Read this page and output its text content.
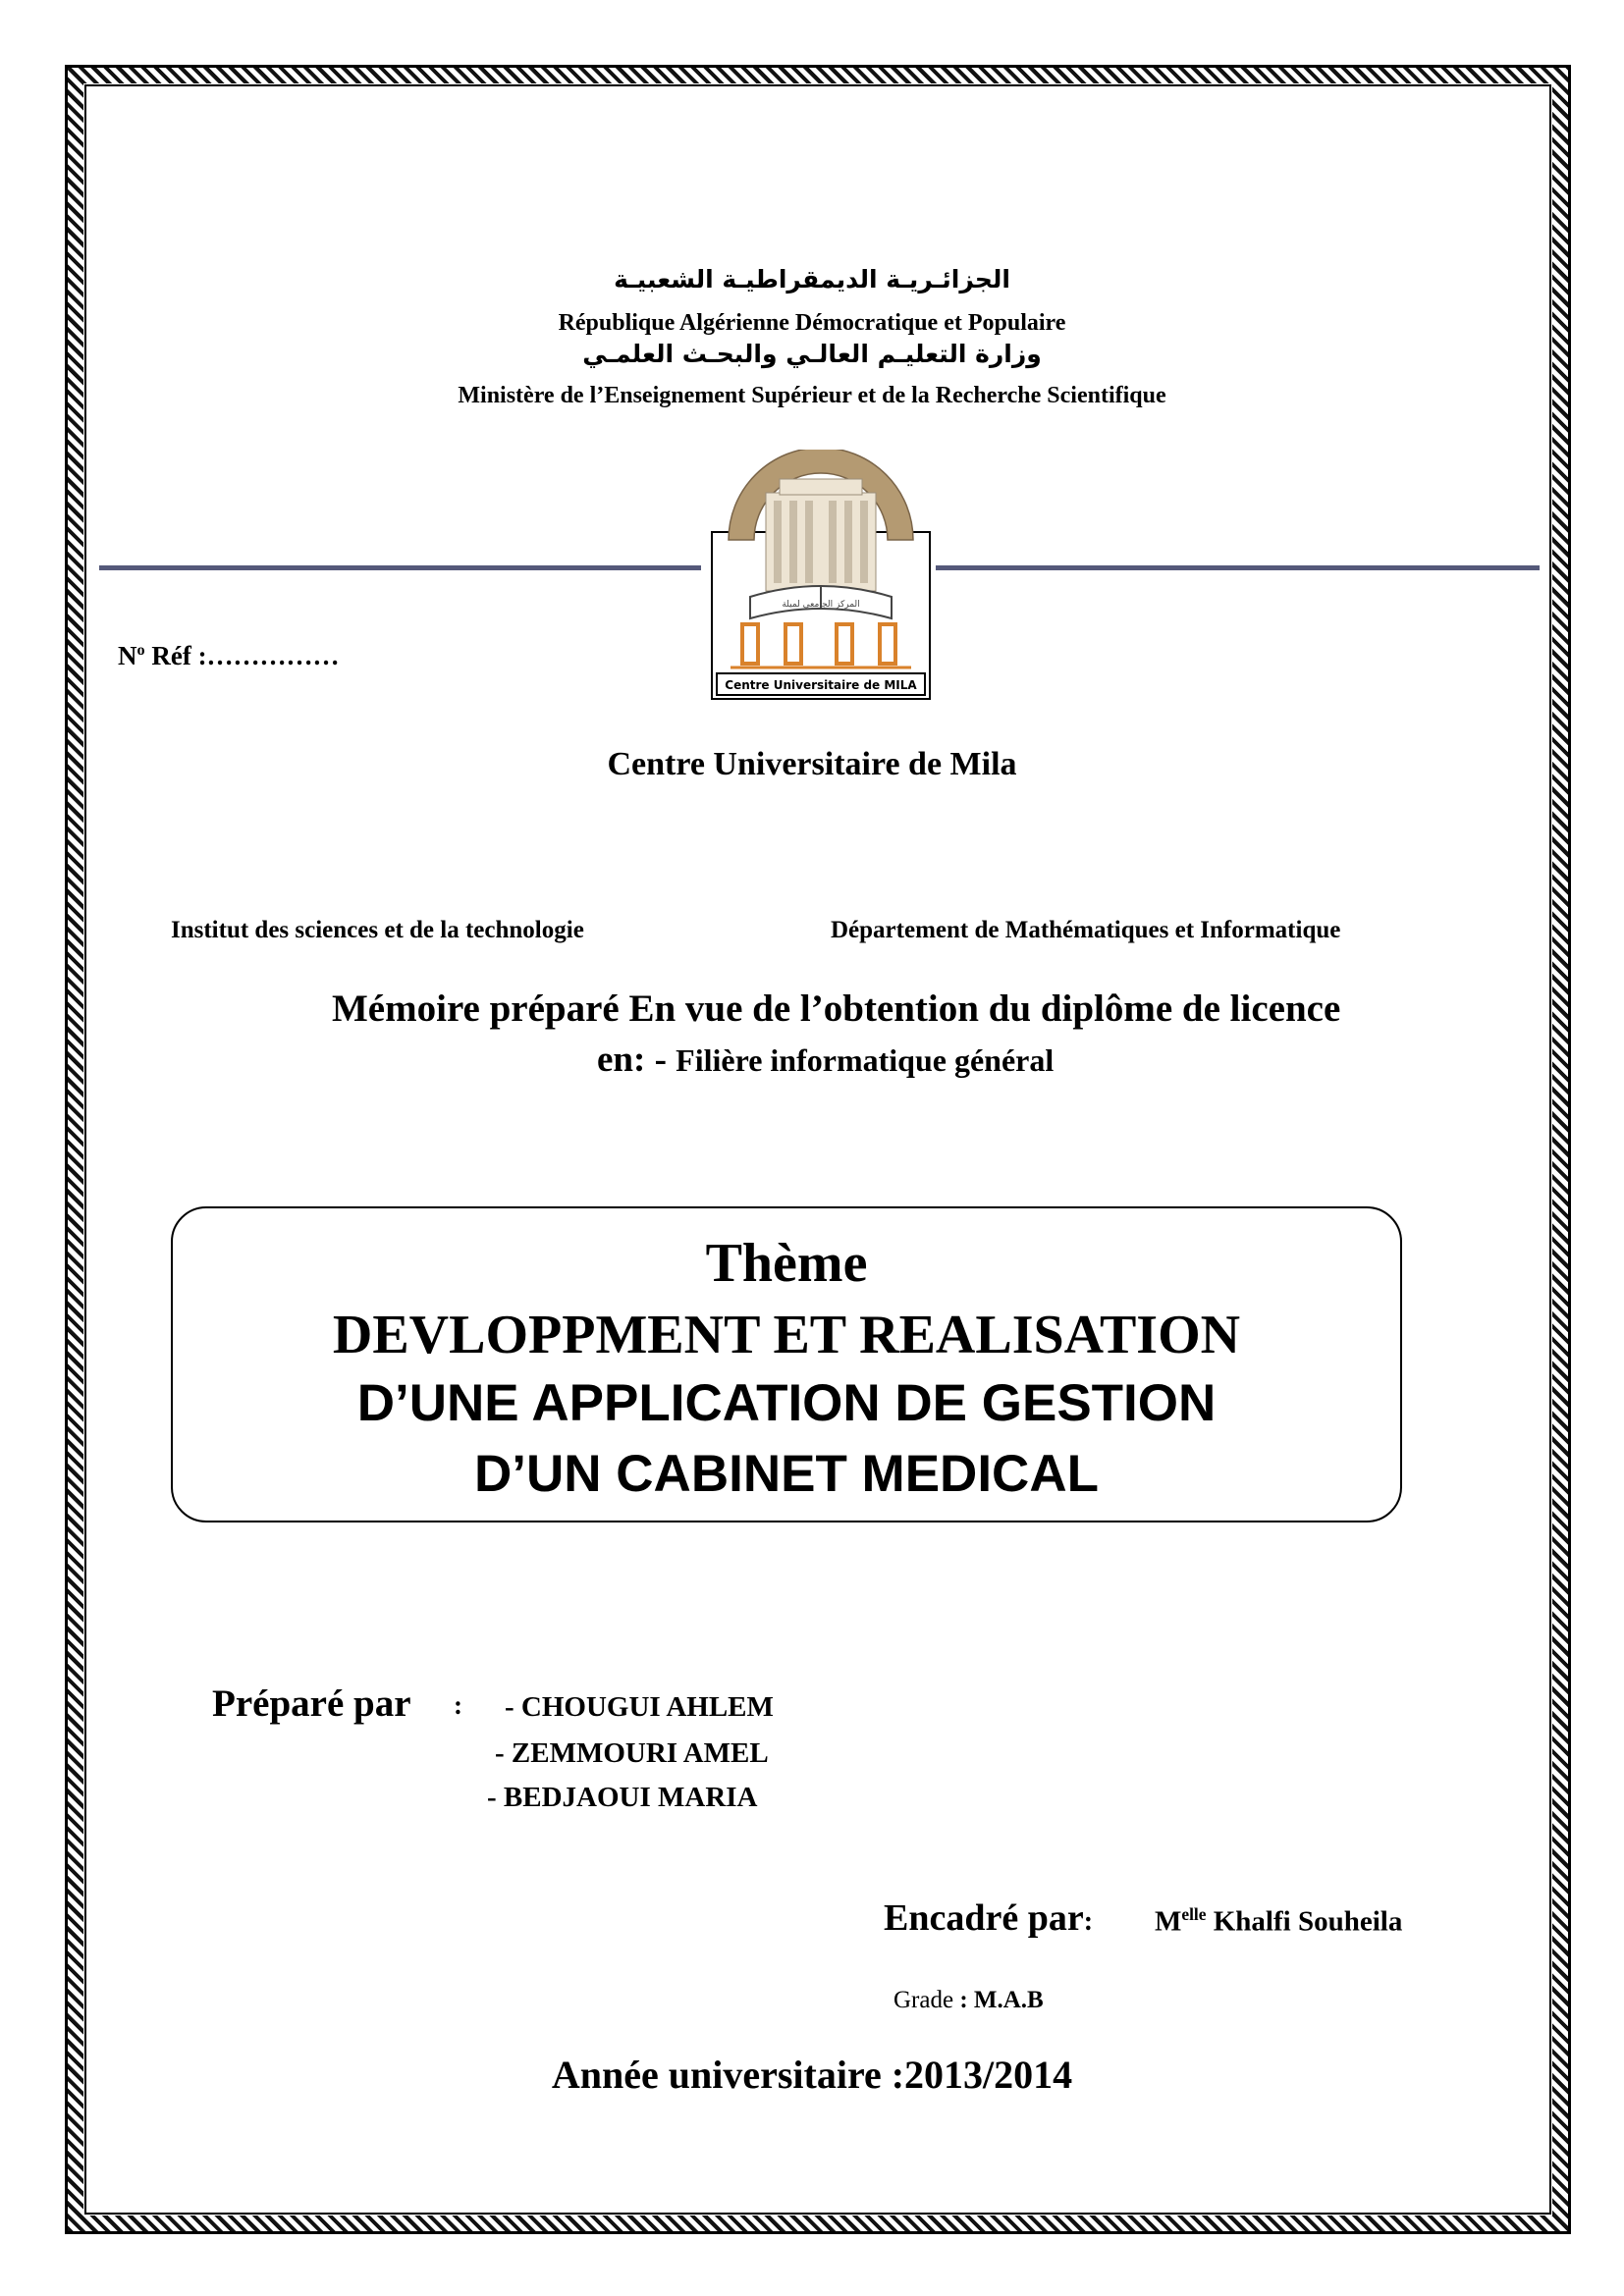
الجزائـريـة الديمقراطيـة الشعبيـة
République Algérienne Démocratique et Populaire
وزارة التعليـم العالـي والبحـث العلمـي
Ministère de l’Enseignement Supérieur et de la Recherche Scientifique
المركز الجامعي لميلة
Centre Universitaire de MILA
$N^o$ Réf :……………
Centre Universitaire de Mila
Institut des sciences et de la technologie	Département de Mathématiques et Informatique
Mémoire préparé En vue de l’obtention du diplôme de licence
en: - Filière informatique général
Thème
DEVLOPPMENT ET REALISATION
D’UNE APPLICATION DE GESTION
D’UN CABINET MEDICAL
Préparé par : - CHOUGUI AHLEM
- ZEMMOURI AMEL
- BEDJAOUI MARIA
Encadré par: $M^{elle}$ Khalfi Souheila
Grade : M.A.B
Année universitaire :2013/2014
